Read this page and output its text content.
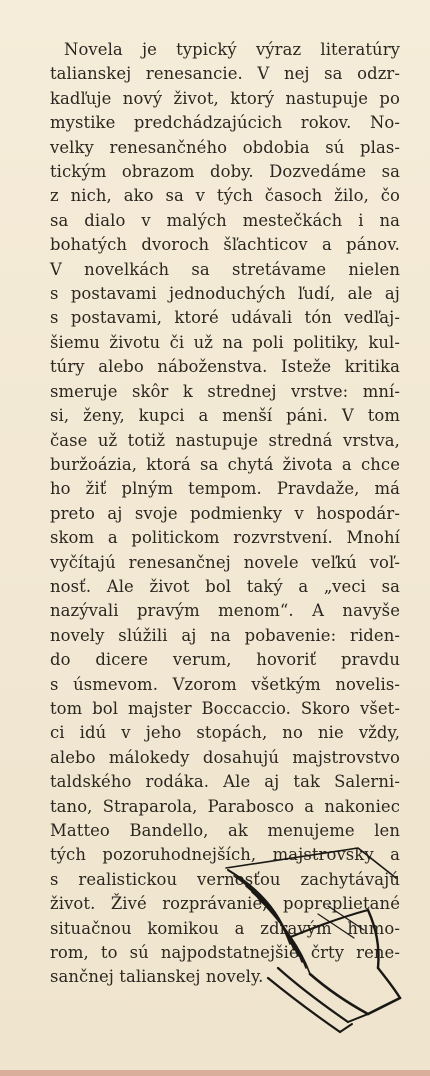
Novela je typický výraz literatúry
talianskej renesancie. V nej sa odzr-
kadľuje nový život, ktorý nastupuje po
mystike predchádzajúcich rokov. No-
velky renesančného obdobia sú plas-
tickým obrazom doby. Dozvedáme sa
z nich, ako sa v tých časoch žilo, čo
sa dialo v malých mestečkách i na
bohatých dvoroch šľachticov a pánov.
V novelkách sa stretávame nielen
s postavami jednoduchých ľudí, ale aj
s postavami, ktoré udávali tón vedľaj-
šiemu životu či už na poli politiky, kul-
túry alebo náboženstva. Isteže kritika
smeruje skôr k strednej vrstve: mní-
si, ženy, kupci a menší páni. V tom
čase už totiž nastupuje stredná vrstva,
buržoázia, ktorá sa chytá života a chce
ho žiť plným tempom. Pravdaže, má
preto aj svoje podmienky v hospodár-
skom a politickom rozvrstvení. Mnohí
vyčítajú renesančnej novele veľkú voľ-
nosť. Ale život bol taký a „veci sa
nazývali pravým menom“. A navyše
novely slúžili aj na pobavenie: riden-
do dicere verum, hovoriť pravdu
s úsmevom. Vzorom všetkým novelis-
tom bol majster Boccaccio. Skoro všet-
ci idú v jeho stopách, no nie vždy,
alebo málokedy dosahujú majstrovstvo
taldského rodáka. Ale aj tak Salerni-
tano, Straparola, Parabosco a nakoniec
Matteo Bandello, ak menujeme len
tých pozoruhodnejších, majstrovsky a
s realistickou vernosťou zachytávajú
život. Živé rozprávanie, popreplietané
situačnou komikou a zdravým humo-
rom, to sú najpodstatnejšie črty rene-
sančnej talianskej novely.
